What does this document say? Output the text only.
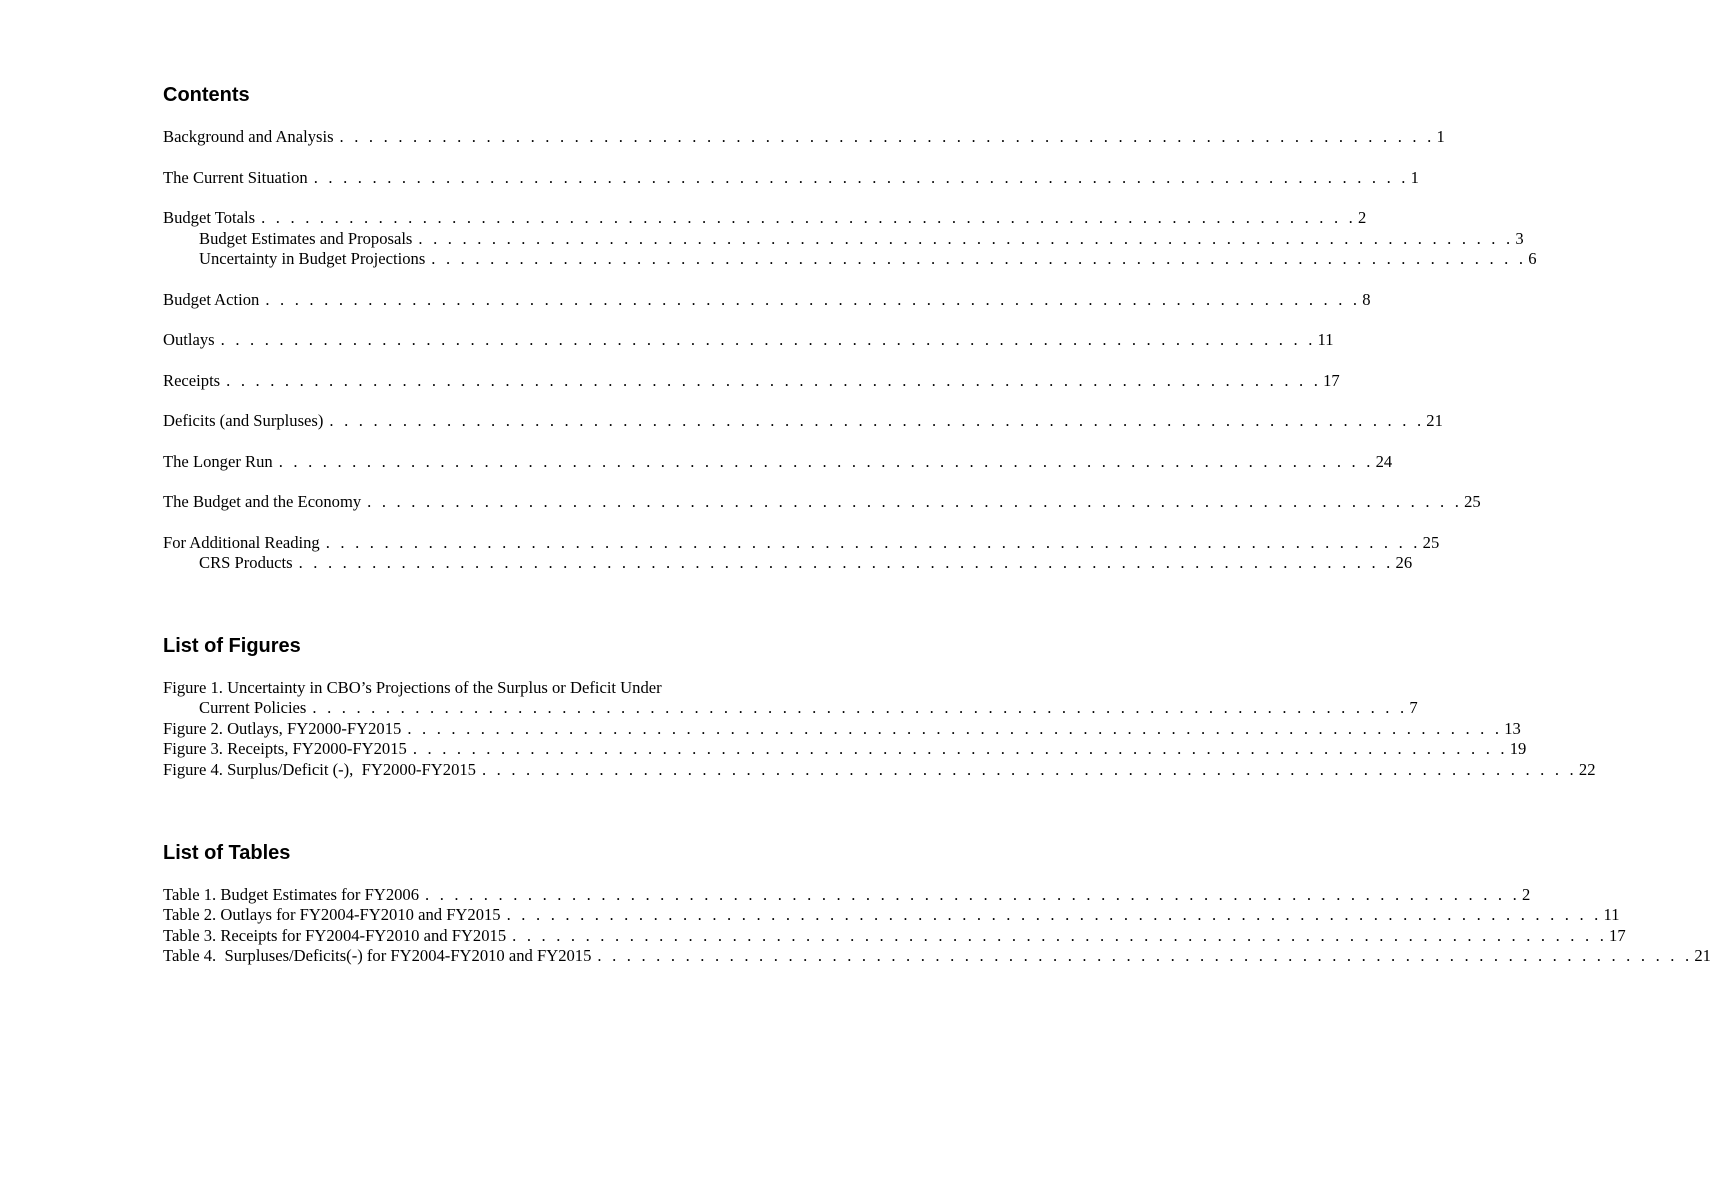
Contents
Background and Analysis . . . . . . . . . . . . . . . . . . . . . . . . . . . . . . . . . . . . . . . . . . . . . . . . . . . . . . . . . . . . . . . . . . . . . . . . . . . 1
The Current Situation . . . . . . . . . . . . . . . . . . . . . . . . . . . . . . . . . . . . . . . . . . . . . . . . . . . . . . . . . . . . . . . . . . . . . . . . . . . 1
Budget Totals . . . . . . . . . . . . . . . . . . . . . . . . . . . . . . . . . . . . . . . . . . . . . . . . . . . . . . . . . . . . . . . . . . . . . . . . . . . 2
Budget Estimates and Proposals . . . . . . . . . . . . . . . . . . . . . . . . . . . . . . . . . . . . . . . . . . . . . . . . . . . . . . . . . . . . . . . . . . . . . . . . . . . 3
Uncertainty in Budget Projections . . . . . . . . . . . . . . . . . . . . . . . . . . . . . . . . . . . . . . . . . . . . . . . . . . . . . . . . . . . . . . . . . . . . . . . . . . . 6
Budget Action . . . . . . . . . . . . . . . . . . . . . . . . . . . . . . . . . . . . . . . . . . . . . . . . . . . . . . . . . . . . . . . . . . . . . . . . . . . 8
Outlays . . . . . . . . . . . . . . . . . . . . . . . . . . . . . . . . . . . . . . . . . . . . . . . . . . . . . . . . . . . . . . . . . . . . . . . . . . . 11
Receipts . . . . . . . . . . . . . . . . . . . . . . . . . . . . . . . . . . . . . . . . . . . . . . . . . . . . . . . . . . . . . . . . . . . . . . . . . . . 17
Deficits (and Surpluses) . . . . . . . . . . . . . . . . . . . . . . . . . . . . . . . . . . . . . . . . . . . . . . . . . . . . . . . . . . . . . . . . . . . . . . . . . . . 21
The Longer Run . . . . . . . . . . . . . . . . . . . . . . . . . . . . . . . . . . . . . . . . . . . . . . . . . . . . . . . . . . . . . . . . . . . . . . . . . . . 24
The Budget and the Economy . . . . . . . . . . . . . . . . . . . . . . . . . . . . . . . . . . . . . . . . . . . . . . . . . . . . . . . . . . . . . . . . . . . . . . . . . . . 25
For Additional Reading . . . . . . . . . . . . . . . . . . . . . . . . . . . . . . . . . . . . . . . . . . . . . . . . . . . . . . . . . . . . . . . . . . . . . . . . . . . 25
CRS Products . . . . . . . . . . . . . . . . . . . . . . . . . . . . . . . . . . . . . . . . . . . . . . . . . . . . . . . . . . . . . . . . . . . . . . . . . . . 26
List of Figures
Figure 1. Uncertainty in CBO’s Projections of the Surplus or Deficit Under
Current Policies . . . . . . . . . . . . . . . . . . . . . . . . . . . . . . . . . . . . . . . . . . . . . . . . . . . . . . . . . . . . . . . . . . . . . . . . . . . 7
Figure 2. Outlays, FY2000-FY2015 . . . . . . . . . . . . . . . . . . . . . . . . . . . . . . . . . . . . . . . . . . . . . . . . . . . . . . . . . . . . . . . . . . . . . . . . . . . 13
Figure 3. Receipts, FY2000-FY2015 . . . . . . . . . . . . . . . . . . . . . . . . . . . . . . . . . . . . . . . . . . . . . . . . . . . . . . . . . . . . . . . . . . . . . . . . . . . 19
Figure 4. Surplus/Deficit (-),  FY2000-FY2015 . . . . . . . . . . . . . . . . . . . . . . . . . . . . . . . . . . . . . . . . . . . . . . . . . . . . . . . . . . . . . . . . . . . . . . . . . . . 22
List of Tables
Table 1. Budget Estimates for FY2006 . . . . . . . . . . . . . . . . . . . . . . . . . . . . . . . . . . . . . . . . . . . . . . . . . . . . . . . . . . . . . . . . . . . . . . . . . . . 2
Table 2. Outlays for FY2004-FY2010 and FY2015 . . . . . . . . . . . . . . . . . . . . . . . . . . . . . . . . . . . . . . . . . . . . . . . . . . . . . . . . . . . . . . . . . . . . . . . . . . . 11
Table 3. Receipts for FY2004-FY2010 and FY2015 . . . . . . . . . . . . . . . . . . . . . . . . . . . . . . . . . . . . . . . . . . . . . . . . . . . . . . . . . . . . . . . . . . . . . . . . . . . 17
Table 4.  Surpluses/Deficits(-) for FY2004-FY2010 and FY2015 . . . . . . . . . . . . . . . . . . . . . . . . . . . . . . . . . . . . . . . . . . . . . . . . . . . . . . . . . . . . . . . . . . . . . . . . . . . 21
